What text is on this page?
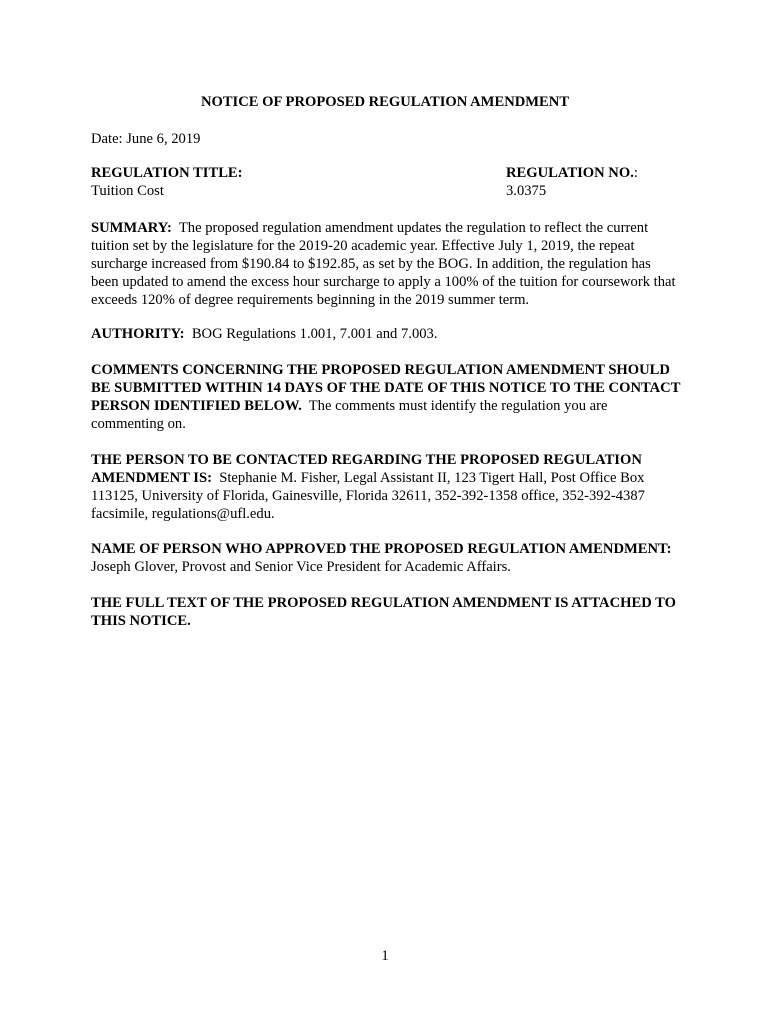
NOTICE OF PROPOSED REGULATION AMENDMENT
Date: June 6, 2019
REGULATION TITLE:
Tuition Cost
REGULATION NO.:
3.0375
SUMMARY: The proposed regulation amendment updates the regulation to reflect the current tuition set by the legislature for the 2019-20 academic year. Effective July 1, 2019, the repeat surcharge increased from $190.84 to $192.85, as set by the BOG. In addition, the regulation has been updated to amend the excess hour surcharge to apply a 100% of the tuition for coursework that exceeds 120% of degree requirements beginning in the 2019 summer term.
AUTHORITY: BOG Regulations 1.001, 7.001 and 7.003.
COMMENTS CONCERNING THE PROPOSED REGULATION AMENDMENT SHOULD BE SUBMITTED WITHIN 14 DAYS OF THE DATE OF THIS NOTICE TO THE CONTACT PERSON IDENTIFIED BELOW. The comments must identify the regulation you are commenting on.
THE PERSON TO BE CONTACTED REGARDING THE PROPOSED REGULATION AMENDMENT IS: Stephanie M. Fisher, Legal Assistant II, 123 Tigert Hall, Post Office Box 113125, University of Florida, Gainesville, Florida 32611, 352-392-1358 office, 352-392-4387 facsimile, regulations@ufl.edu.
NAME OF PERSON WHO APPROVED THE PROPOSED REGULATION AMENDMENT:  Joseph Glover, Provost and Senior Vice President for Academic Affairs.
THE FULL TEXT OF THE PROPOSED REGULATION AMENDMENT IS ATTACHED TO THIS NOTICE.
1
